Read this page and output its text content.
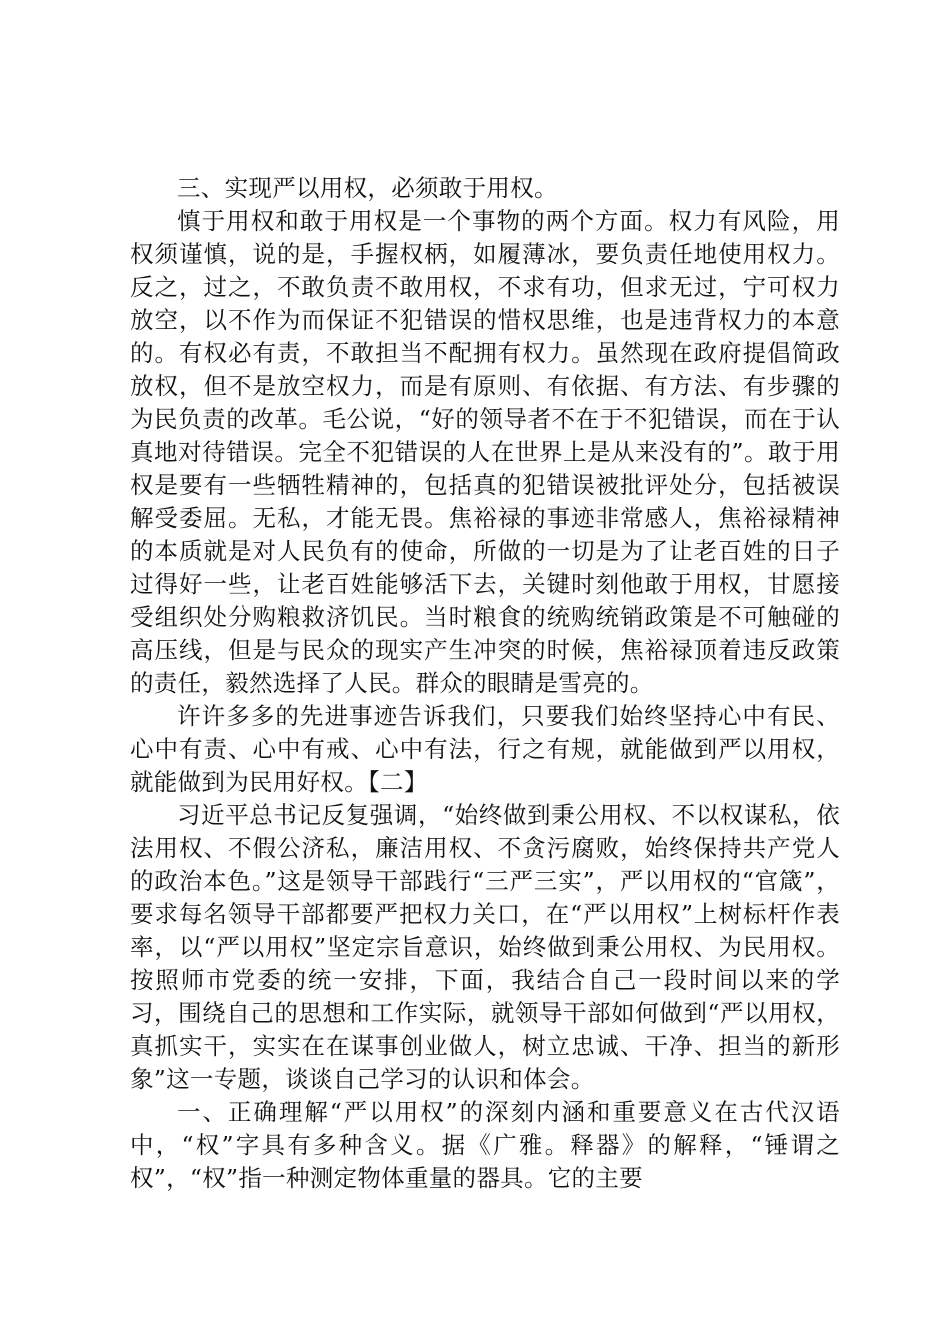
三、实现严以用权，必须敢于用权。

慎于用权和敢于用权是一个事物的两个方面。权力有风险，用权须谨慎，说的是，手握权柄，如履薄冰，要负责任地使用权力。反之，过之，不敢负责不敢用权，不求有功，但求无过，宁可权力放空，以不作为而保证不犯错误的惜权思维，也是违背权力的本意的。有权必有责，不敢担当不配拥有权力。虽然现在政府提倡简政放权，但不是放空权力，而是有原则、有依据、有方法、有步骤的为民负责的改革。毛公说，“好的领导者不在于不犯错误，而在于认真地对待错误。完全不犯错误的人在世界上是从来没有的”。敢于用权是要有一些牺牲精神的，包括真的犯错误被批评处分，包括被误解受委屈。无私，才能无畏。焦裕禄的事迹非常感人，焦裕禄精神的本质就是对人民负有的使命，所做的一切是为了让老百姓的日子过得好一些，让老百姓能够活下去，关键时刻他敢于用权，甘愿接受组织处分购粮救济饥民。当时粮食的统购统销政策是不可触碰的高压线，但是与民众的现实产生冲突的时候，焦裕禄顶着违反政策的责任，毅然选择了人民。群众的眼睛是雪亮的。

许许多多的先进事迹告诉我们，只要我们始终坚持心中有民、心中有责、心中有戒、心中有法，行之有规，就能做到严以用权，就能做到为民用好权。【二】

习近平总书记反复强调，“始终做到秉公用权、不以权谋私，依法用权、不假公济私，廉洁用权、不贪污腐败，始终保持共产党人的政治本色。”这是领导干部践行“三严三实”，严以用权的“官箴”，要求每名领导干部都要严把权力关口，在“严以用权”上树标杆作表率，以“严以用权”坚定宗旨意识，始终做到秉公用权、为民用权。按照师市党委的统一安排，下面，我结合自己一段时间以来的学习，围绕自己的思想和工作实际，就领导干部如何做到“严以用权，真抓实干，实实在在谋事创业做人，树立忠诚、干净、担当的新形象”这一专题，谈谈自己学习的认识和体会。

一、正确理解“严以用权”的深刻内涵和重要意义在古代汉语中，“权”字具有多种含义。据《广雅。释器》的解释，“锤谓之权”，“权”指一种测定物体重量的器具。它的主要
